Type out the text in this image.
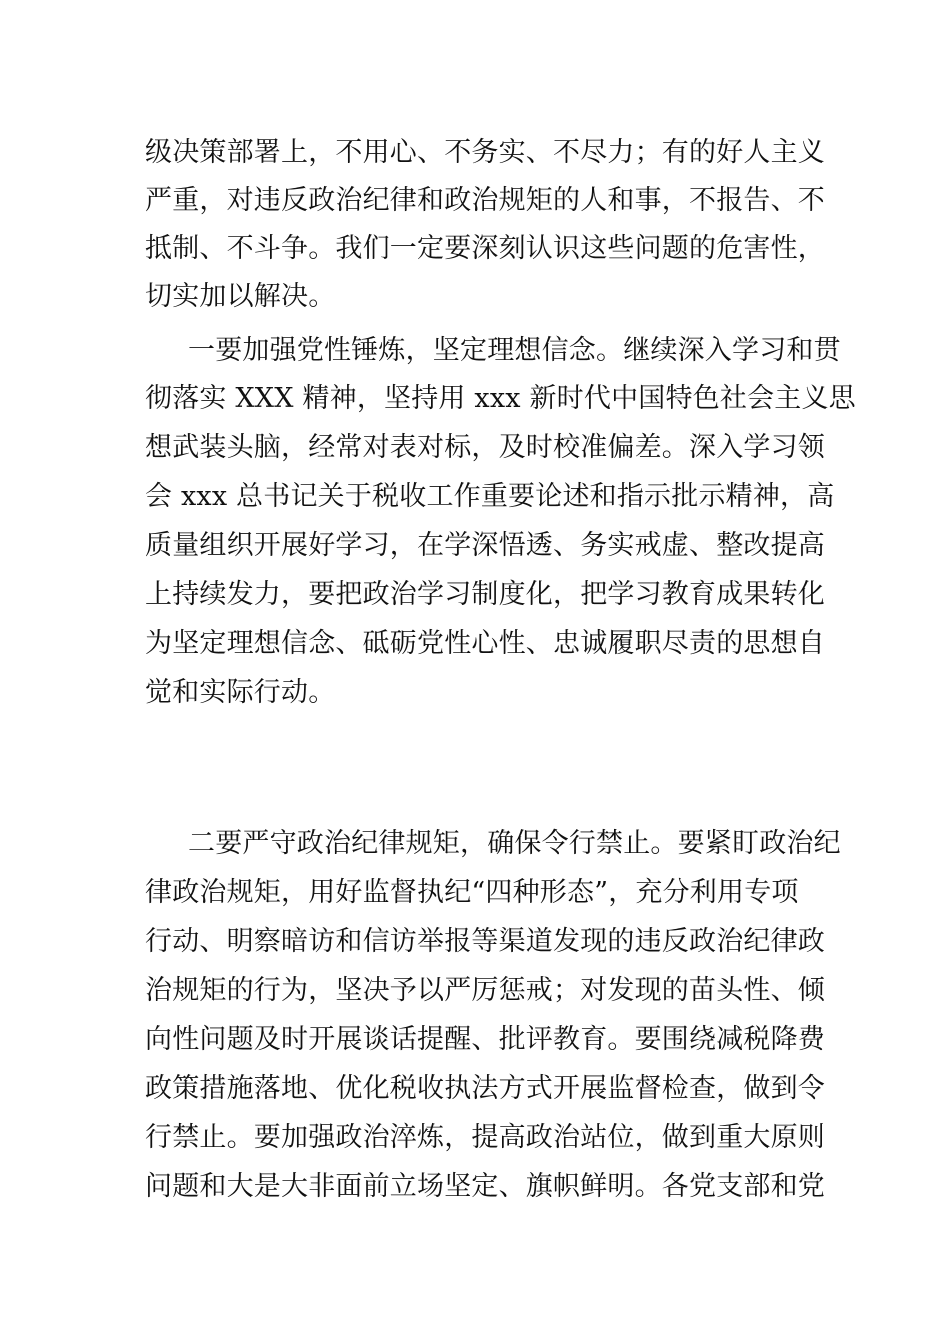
级决策部署上，不用心、不务实、不尽力；有的好人主义
严重，对违反政治纪律和政治规矩的人和事，不报告、不
抵制、不斗争。我们一定要深刻认识这些问题的危害性，
切实加以解决。
一要加强党性锤炼，坚定理想信念。继续深入学习和贯
彻落实 XXX 精神，坚持用 xxx 新时代中国特色社会主义思
想武装头脑，经常对表对标，及时校准偏差。深入学习领
会 xxx 总书记关于税收工作重要论述和指示批示精神，高
质量组织开展好学习，在学深悟透、务实戒虚、整改提高
上持续发力，要把政治学习制度化，把学习教育成果转化
为坚定理想信念、砥砺党性心性、忠诚履职尽责的思想自
觉和实际行动。
二要严守政治纪律规矩，确保令行禁止。要紧盯政治纪
律政治规矩，用好监督执纪“四种形态”，充分利用专项
行动、明察暗访和信访举报等渠道发现的违反政治纪律政
治规矩的行为，坚决予以严厉惩戒；对发现的苗头性、倾
向性问题及时开展谈话提醒、批评教育。要围绕减税降费
政策措施落地、优化税收执法方式开展监督检查，做到令
行禁止。要加强政治淬炼，提高政治站位，做到重大原则
问题和大是大非面前立场坚定、旗帜鲜明。各党支部和党
